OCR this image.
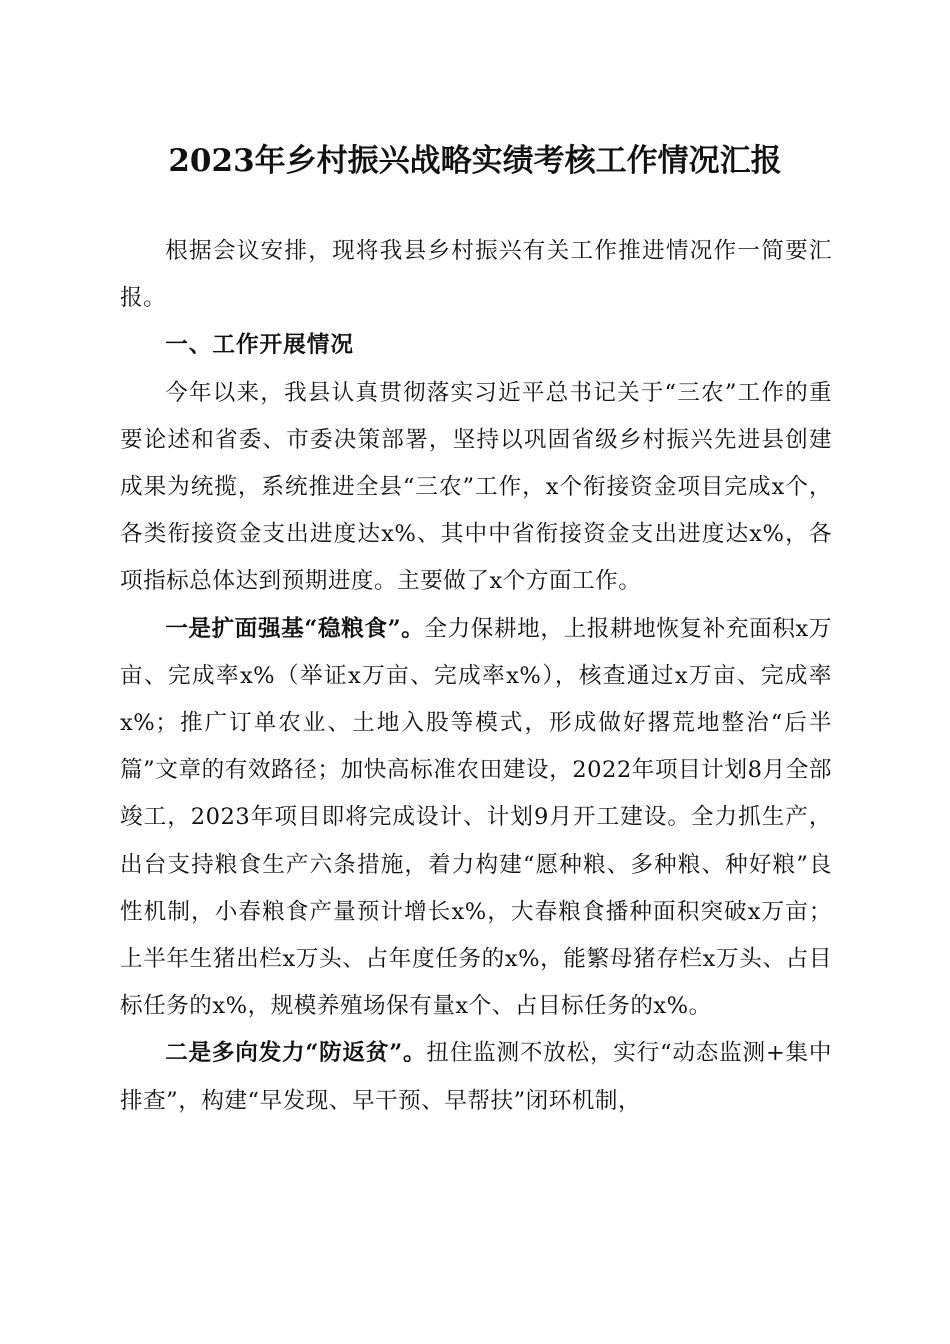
2023年乡村振兴战略实绩考核工作情况汇报

根据会议安排，现将我县乡村振兴有关工作推进情况作一简要汇报。

一、工作开展情况

今年以来，我县认真贯彻落实习近平总书记关于“三农”工作的重要论述和省委、市委决策部署，坚持以巩固省级乡村振兴先进县创建成果为统揽，系统推进全县“三农”工作，x个衔接资金项目完成x个，各类衔接资金支出进度达x%、其中中省衔接资金支出进度达x%，各项指标总体达到预期进度。主要做了x个方面工作。

一是扩面强基“稳粮食”。全力保耕地，上报耕地恢复补充面积x万亩、完成率x%（举证x万亩、完成率x%），核查通过x万亩、完成率x%；推广订单农业、土地入股等模式，形成做好撂荒地整治“后半篇”文章的有效路径；加快高标准农田建设，2022年项目计划8月全部竣工，2023年项目即将完成设计、计划9月开工建设。全力抓生产，出台支持粮食生产六条措施，着力构建“愿种粮、多种粮、种好粮”良性机制，小春粮食产量预计增长x%，大春粮食播种面积突破x万亩；上半年生猪出栏x万头、占年度任务的x%，能繁母猪存栏x万头、占目标任务的x%，规模养殖场保有量x个、占目标任务的x%。

二是多向发力“防返贫”。扭住监测不放松，实行“动态监测+集中排查”，构建“早发现、早干预、早帮扶”闭环机制，
